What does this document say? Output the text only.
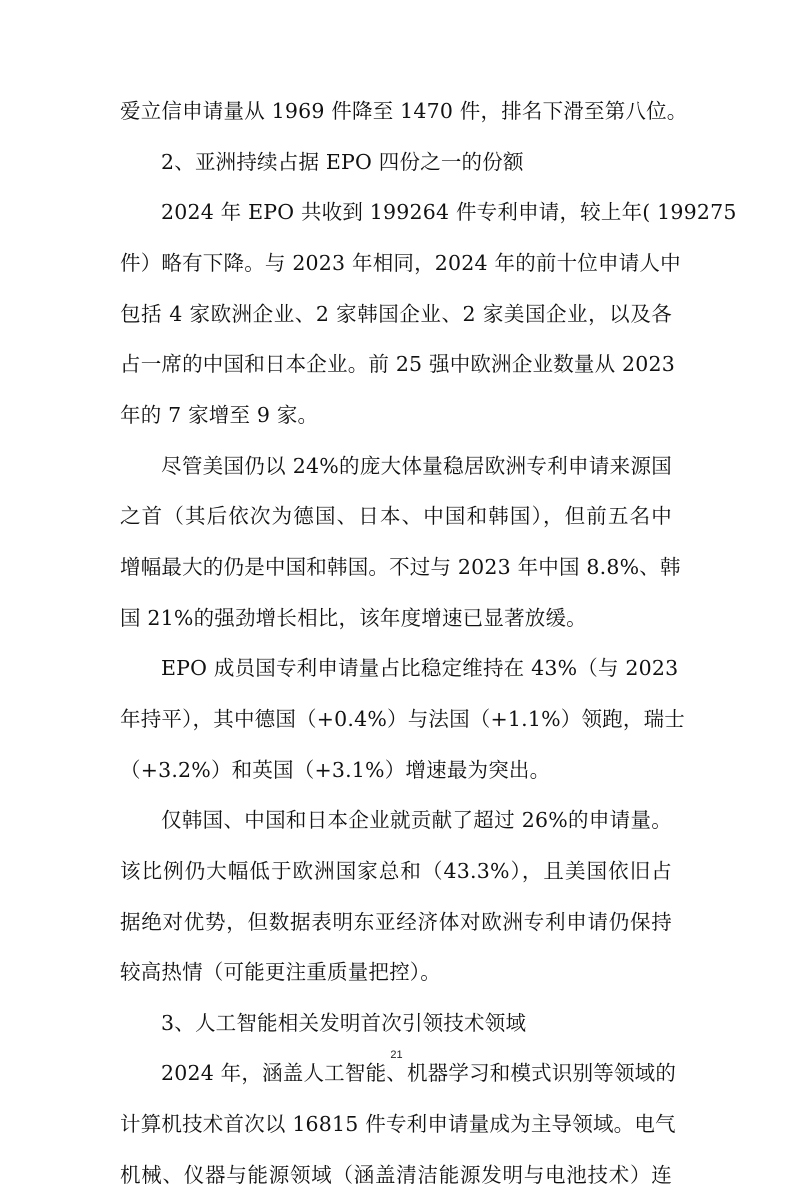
爱立信申请量从 1969 件降至 1470 件，排名下滑至第八位。
2、亚洲持续占据 EPO 四份之一的份额
2024 年 EPO 共收到 199264 件专利申请，较上年( 199275
件）略有下降。与 2023 年相同，2024 年的前十位申请人中
包括 4 家欧洲企业、2 家韩国企业、2 家美国企业，以及各
占一席的中国和日本企业。前 25 强中欧洲企业数量从 2023
年的 7 家增至 9 家。
尽管美国仍以 24%的庞大体量稳居欧洲专利申请来源国
之首（其后依次为德国、日本、中国和韩国），但前五名中
增幅最大的仍是中国和韩国。不过与 2023 年中国 8.8%、韩
国 21%的强劲增长相比，该年度增速已显著放缓。
EPO 成员国专利申请量占比稳定维持在 43%（与 2023
年持平），其中德国（+0.4%）与法国（+1.1%）领跑，瑞士
（+3.2%）和英国（+3.1%）增速最为突出。
仅韩国、中国和日本企业就贡献了超过 26%的申请量。
该比例仍大幅低于欧洲国家总和（43.3%），且美国依旧占
据绝对优势，但数据表明东亚经济体对欧洲专利申请仍保持
较高热情（可能更注重质量把控）。
3、人工智能相关发明首次引领技术领域
2024 年，涵盖人工智能、机器学习和模式识别等领域的
计算机技术首次以 16815 件专利申请量成为主导领域。电气
机械、仪器与能源领域（涵盖清洁能源发明与电池技术）连
21
